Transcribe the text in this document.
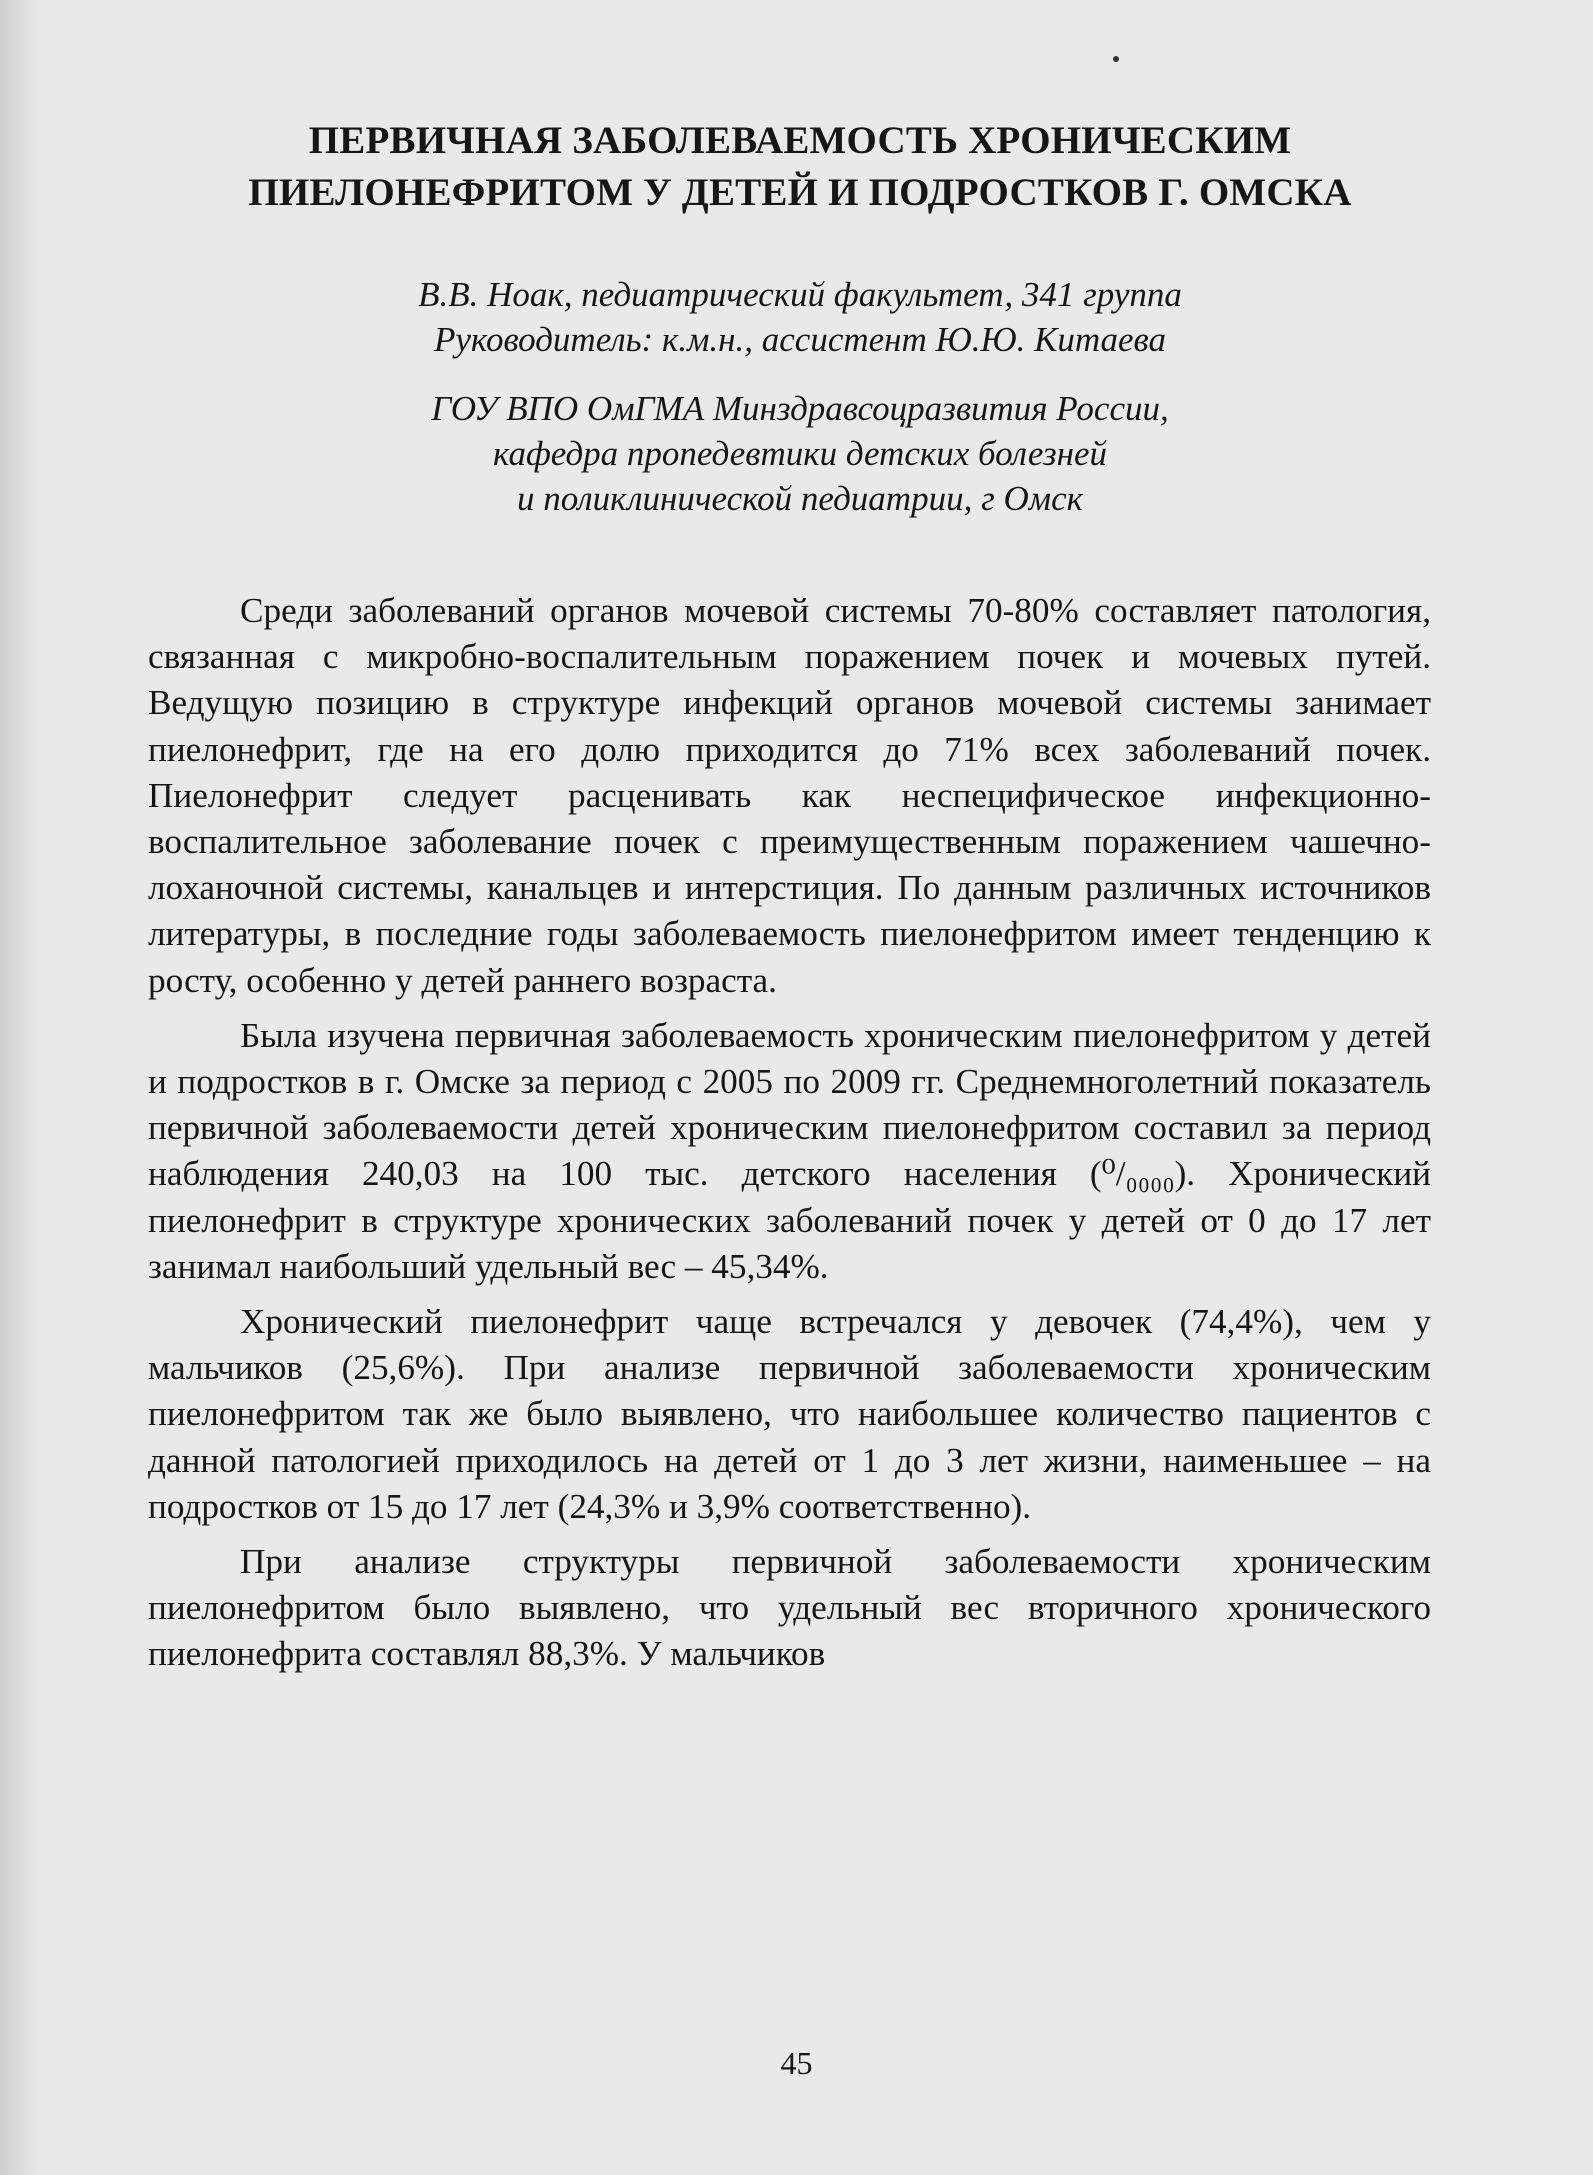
ПЕРВИЧНАЯ ЗАБОЛЕВАЕМОСТЬ ХРОНИЧЕСКИМ
ПИЕЛОНЕФРИТОМ У ДЕТЕЙ И ПОДРОСТКОВ Г. ОМСКА
В.В. Ноак, педиатрический факультет, 341 группа
Руководитель: к.м.н., ассистент Ю.Ю. Китаева
ГОУ ВПО ОмГМА Минздравсоцразвития России,
кафедра пропедевтики детских болезней
и поликлинической педиатрии, г Омск

Среди заболеваний органов мочевой системы 70-80% составляет патология, связанная с микробно-воспалительным поражением почек и мочевых путей. Ведущую позицию в структуре инфекций органов мочевой системы занимает пиелонефрит, где на его долю приходится до 71% всех заболеваний почек. Пиелонефрит следует расценивать как неспецифическое инфекционно-воспалительное заболевание почек с преимущественным поражением чашечно-лоханочной системы, канальцев и интерстиция. По данным различных источников литературы, в последние годы заболеваемость пиелонефритом имеет тенденцию к росту, особенно у детей раннего возраста.

Была изучена первичная заболеваемость хроническим пиелонефритом у детей и подростков в г. Омске за период с 2005 по 2009 гг. Среднемноголетний показатель первичной заболеваемости детей хроническим пиелонефритом составил за период наблюдения 240,03 на 100 тыс. детского населения (⁰/₀₀₀₀). Хронический пиелонефрит в структуре хронических заболеваний почек у детей от 0 до 17 лет занимал наибольший удельный вес – 45,34%.

Хронический пиелонефрит чаще встречался у девочек (74,4%), чем у мальчиков (25,6%). При анализе первичной заболеваемости хроническим пиелонефритом так же было выявлено, что наибольшее количество пациентов с данной патологией приходилось на детей от 1 до 3 лет жизни, наименьшее – на подростков от 15 до 17 лет (24,3% и 3,9% соответственно).

При анализе структуры первичной заболеваемости хроническим пиелонефритом было выявлено, что удельный вес вторичного хронического пиелонефрита составлял 88,3%. У мальчиков

45
